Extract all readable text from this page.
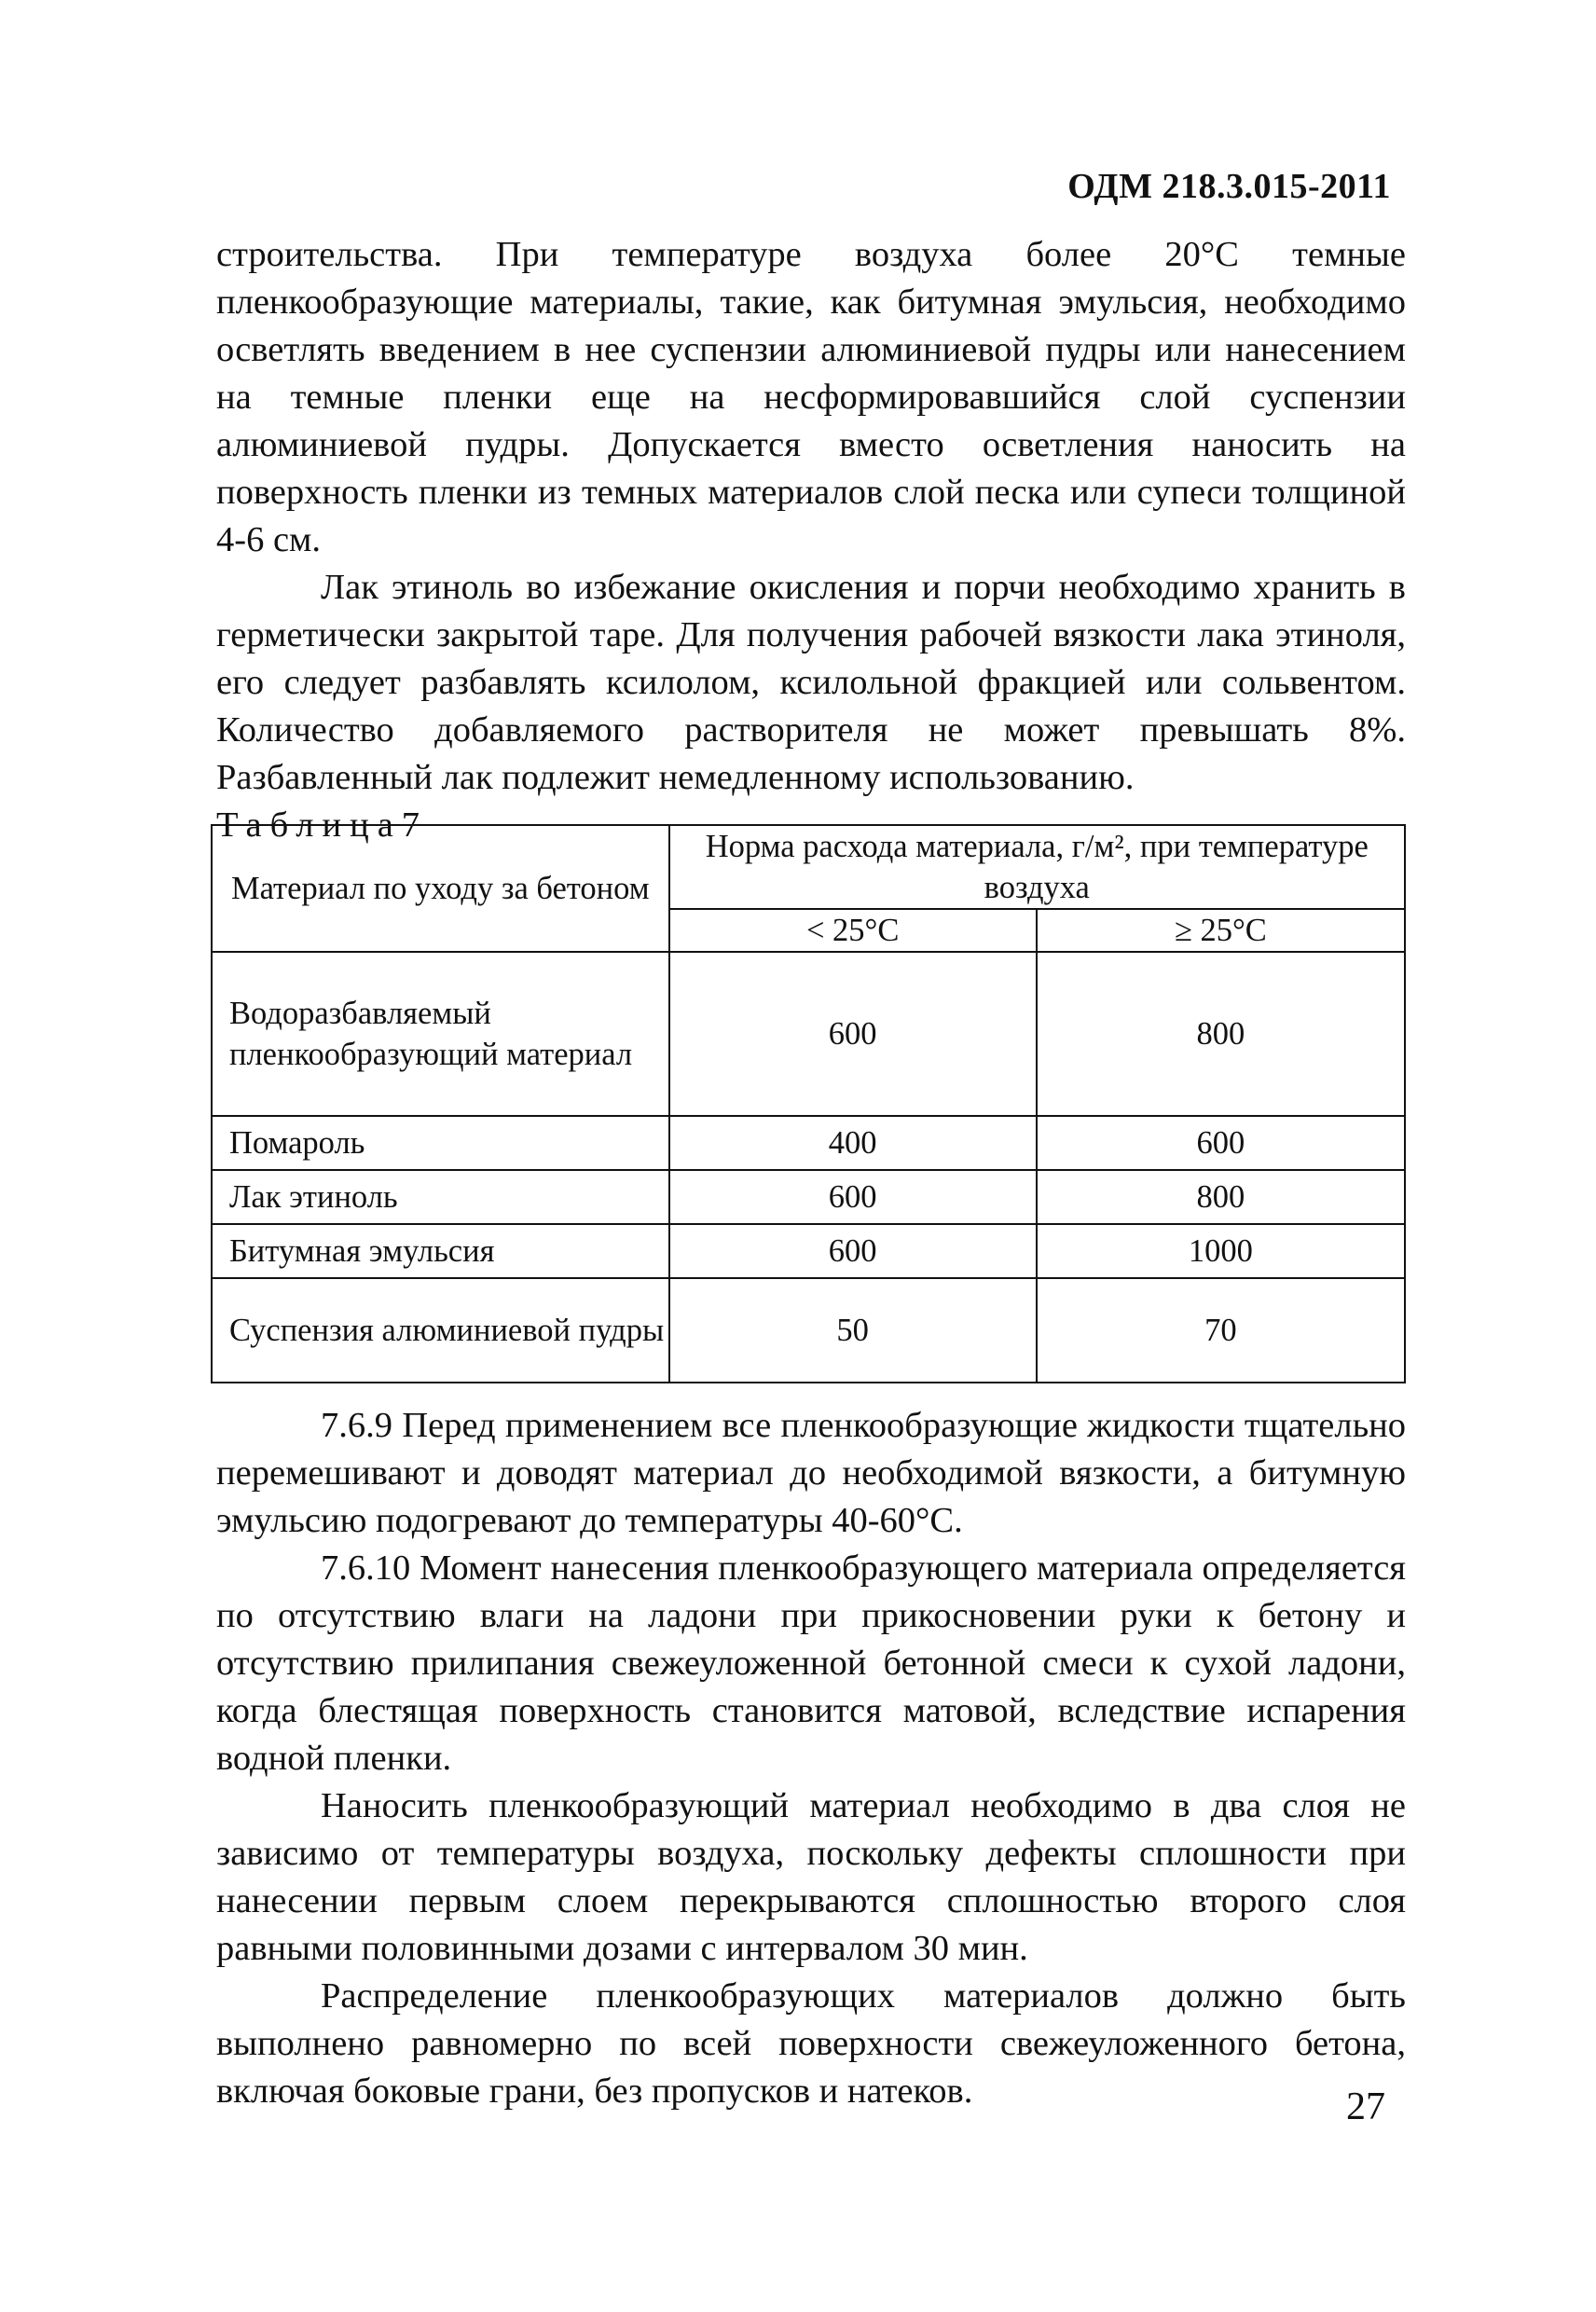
ОДМ 218.3.015-2011

строительства. При температуре воздуха более 20°C темные пленкообразующие материалы, такие, как битумная эмульсия, необходимо осветлять введением в нее суспензии алюминиевой пудры или нанесением на темные пленки еще на несформировавшийся слой суспензии алюминиевой пудры. Допускается вместо осветления наносить на поверхность пленки из темных материалов слой песка или супеси толщиной 4-6 см.

Лак этиноль во избежание окисления и порчи необходимо хранить в герметически закрытой таре. Для получения рабочей вязкости лака этиноля, его следует разбавлять ксилолом, ксилольной фракцией или сольвентом. Количество добавляемого растворителя не может превышать 8%. Разбавленный лак подлежит немедленному использованию.

Таблица7

Материал по уходу за бетоном	Норма расхода материала, г/м², при температуре воздуха	
	< 25°С	≥ 25°С
Водоразбавляемый пленкообразующий материал	600	800
Помароль	400	600
Лак этиноль	600	800
Битумная эмульсия	600	1000
Суспензия алюминиевой пудры	50	70

7.6.9 Перед применением все пленкообразующие жидкости тщательно перемешивают и доводят материал до необходимой вязкости, а битумную эмульсию подогревают до температуры 40-60°C.

7.6.10 Момент нанесения пленкообразующего материала определяется по отсутствию влаги на ладони при прикосновении руки к бетону и отсутствию прилипания свежеуложенной бетонной смеси к сухой ладони, когда блестящая поверхность становится матовой, вследствие испарения водной пленки.

Наносить пленкообразующий материал необходимо в два слоя не зависимо от температуры воздуха, поскольку дефекты сплошности при нанесении первым слоем перекрываются сплошностью второго слоя равными половинными дозами с интервалом 30 мин.

Распределение пленкообразующих материалов должно быть выполнено равномерно по всей поверхности свежеуложенного бетона, включая боковые грани, без пропусков и натеков.	27
